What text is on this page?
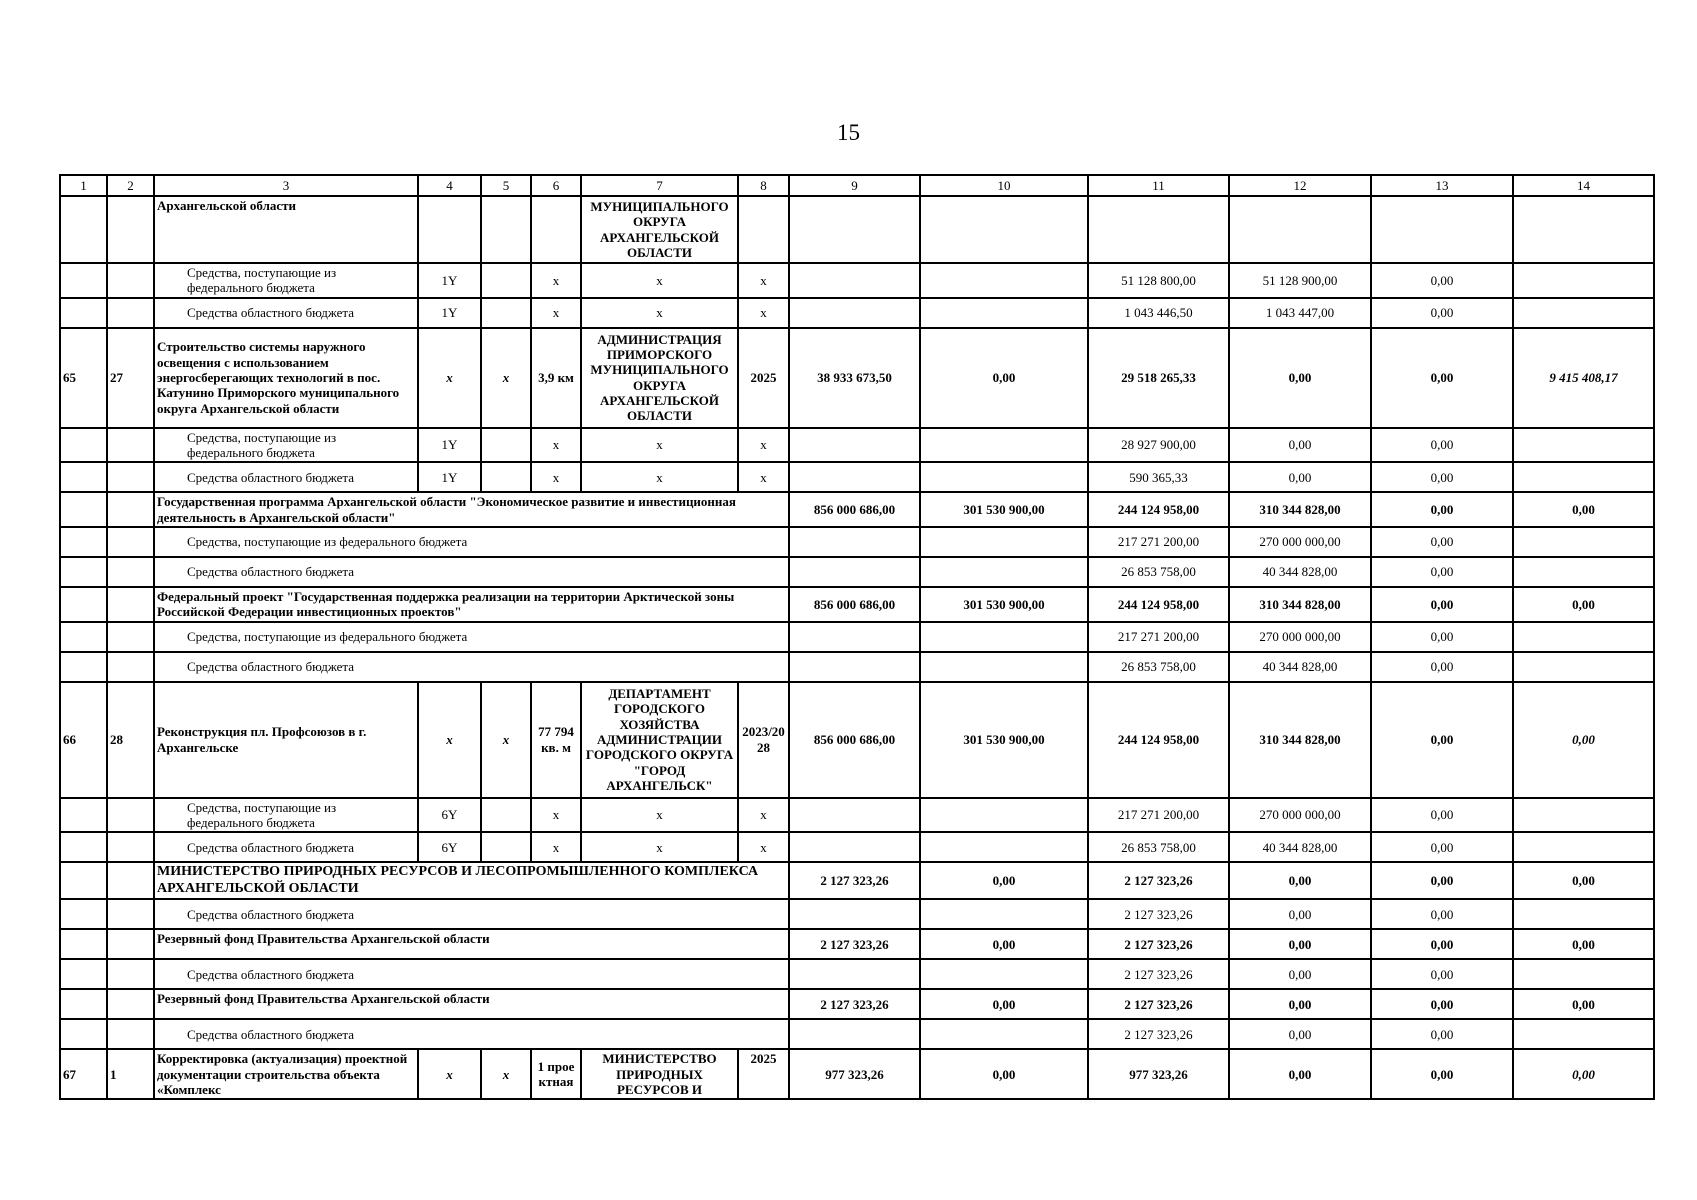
15
1	2	3	4	5	6	7	8	9	10	11	12	13	14
		Архангельской области				МУНИЦИПАЛЬНОГО ОКРУГА АРХАНГЕЛЬСКОЙ ОБЛАСТИ							
		Средства, поступающие из федерального бюджета	1Y		x	x	x			51 128 800,00	51 128 900,00	0,00	
		Средства областного бюджета	1Y		x	x	x			1 043 446,50	1 043 447,00	0,00	
65	27	Строительство системы наружного освещения с использованием энергосберегающих технологий в пос. Катунино Приморского муниципального округа Архангельской области	x	x	3,9 км	АДМИНИСТРАЦИЯ ПРИМОРСКОГО МУНИЦИПАЛЬНОГО ОКРУГА АРХАНГЕЛЬСКОЙ ОБЛАСТИ	2025	38 933 673,50	0,00	29 518 265,33	0,00	0,00	9 415 408,17
		Средства, поступающие из федерального бюджета	1Y		x	x	x			28 927 900,00	0,00	0,00	
		Средства областного бюджета	1Y		x	x	x			590 365,33	0,00	0,00	
		Государственная программа Архангельской области "Экономическое развитие и инвестиционная деятельность в Архангельской области"						856 000 686,00	301 530 900,00	244 124 958,00	310 344 828,00	0,00	0,00
		Средства, поступающие из федерального бюджета								217 271 200,00	270 000 000,00	0,00	
		Средства областного бюджета								26 853 758,00	40 344 828,00	0,00	
		Федеральный проект "Государственная поддержка реализации на территории Арктической зоны Российской Федерации инвестиционных проектов"						856 000 686,00	301 530 900,00	244 124 958,00	310 344 828,00	0,00	0,00
		Средства, поступающие из федерального бюджета								217 271 200,00	270 000 000,00	0,00	
		Средства областного бюджета								26 853 758,00	40 344 828,00	0,00	
66	28	Реконструкция пл. Профсоюзов в г. Архангельске	x	x	77 794 кв. м	ДЕПАРТАМЕНТ ГОРОДСКОГО ХОЗЯЙСТВА АДМИНИСТРАЦИИ ГОРОДСКОГО ОКРУГА "ГОРОД АРХАНГЕЛЬСК"	2023/2028	856 000 686,00	301 530 900,00	244 124 958,00	310 344 828,00	0,00	0,00
		Средства, поступающие из федерального бюджета	6Y		x	x	x			217 271 200,00	270 000 000,00	0,00	
		Средства областного бюджета	6Y		x	x	x			26 853 758,00	40 344 828,00	0,00	
		МИНИСТЕРСТВО ПРИРОДНЫХ РЕСУРСОВ И ЛЕСОПРОМЫШЛЕННОГО КОМПЛЕКСА АРХАНГЕЛЬСКОЙ ОБЛАСТИ						2 127 323,26	0,00	2 127 323,26	0,00	0,00	0,00
		Средства областного бюджета								2 127 323,26	0,00	0,00	
		Резервный фонд Правительства Архангельской области						2 127 323,26	0,00	2 127 323,26	0,00	0,00	0,00
		Средства областного бюджета								2 127 323,26	0,00	0,00	
		Резервный фонд Правительства Архангельской области						2 127 323,26	0,00	2 127 323,26	0,00	0,00	0,00
		Средства областного бюджета								2 127 323,26	0,00	0,00	
67	1	Корректировка (актуализация) проектной документации строительства объекта «Комплекс	x	x	1 проектная	МИНИСТЕРСТВО ПРИРОДНЫХ РЕСУРСОВ И	2025	977 323,26	0,00	977 323,26	0,00	0,00	0,00
